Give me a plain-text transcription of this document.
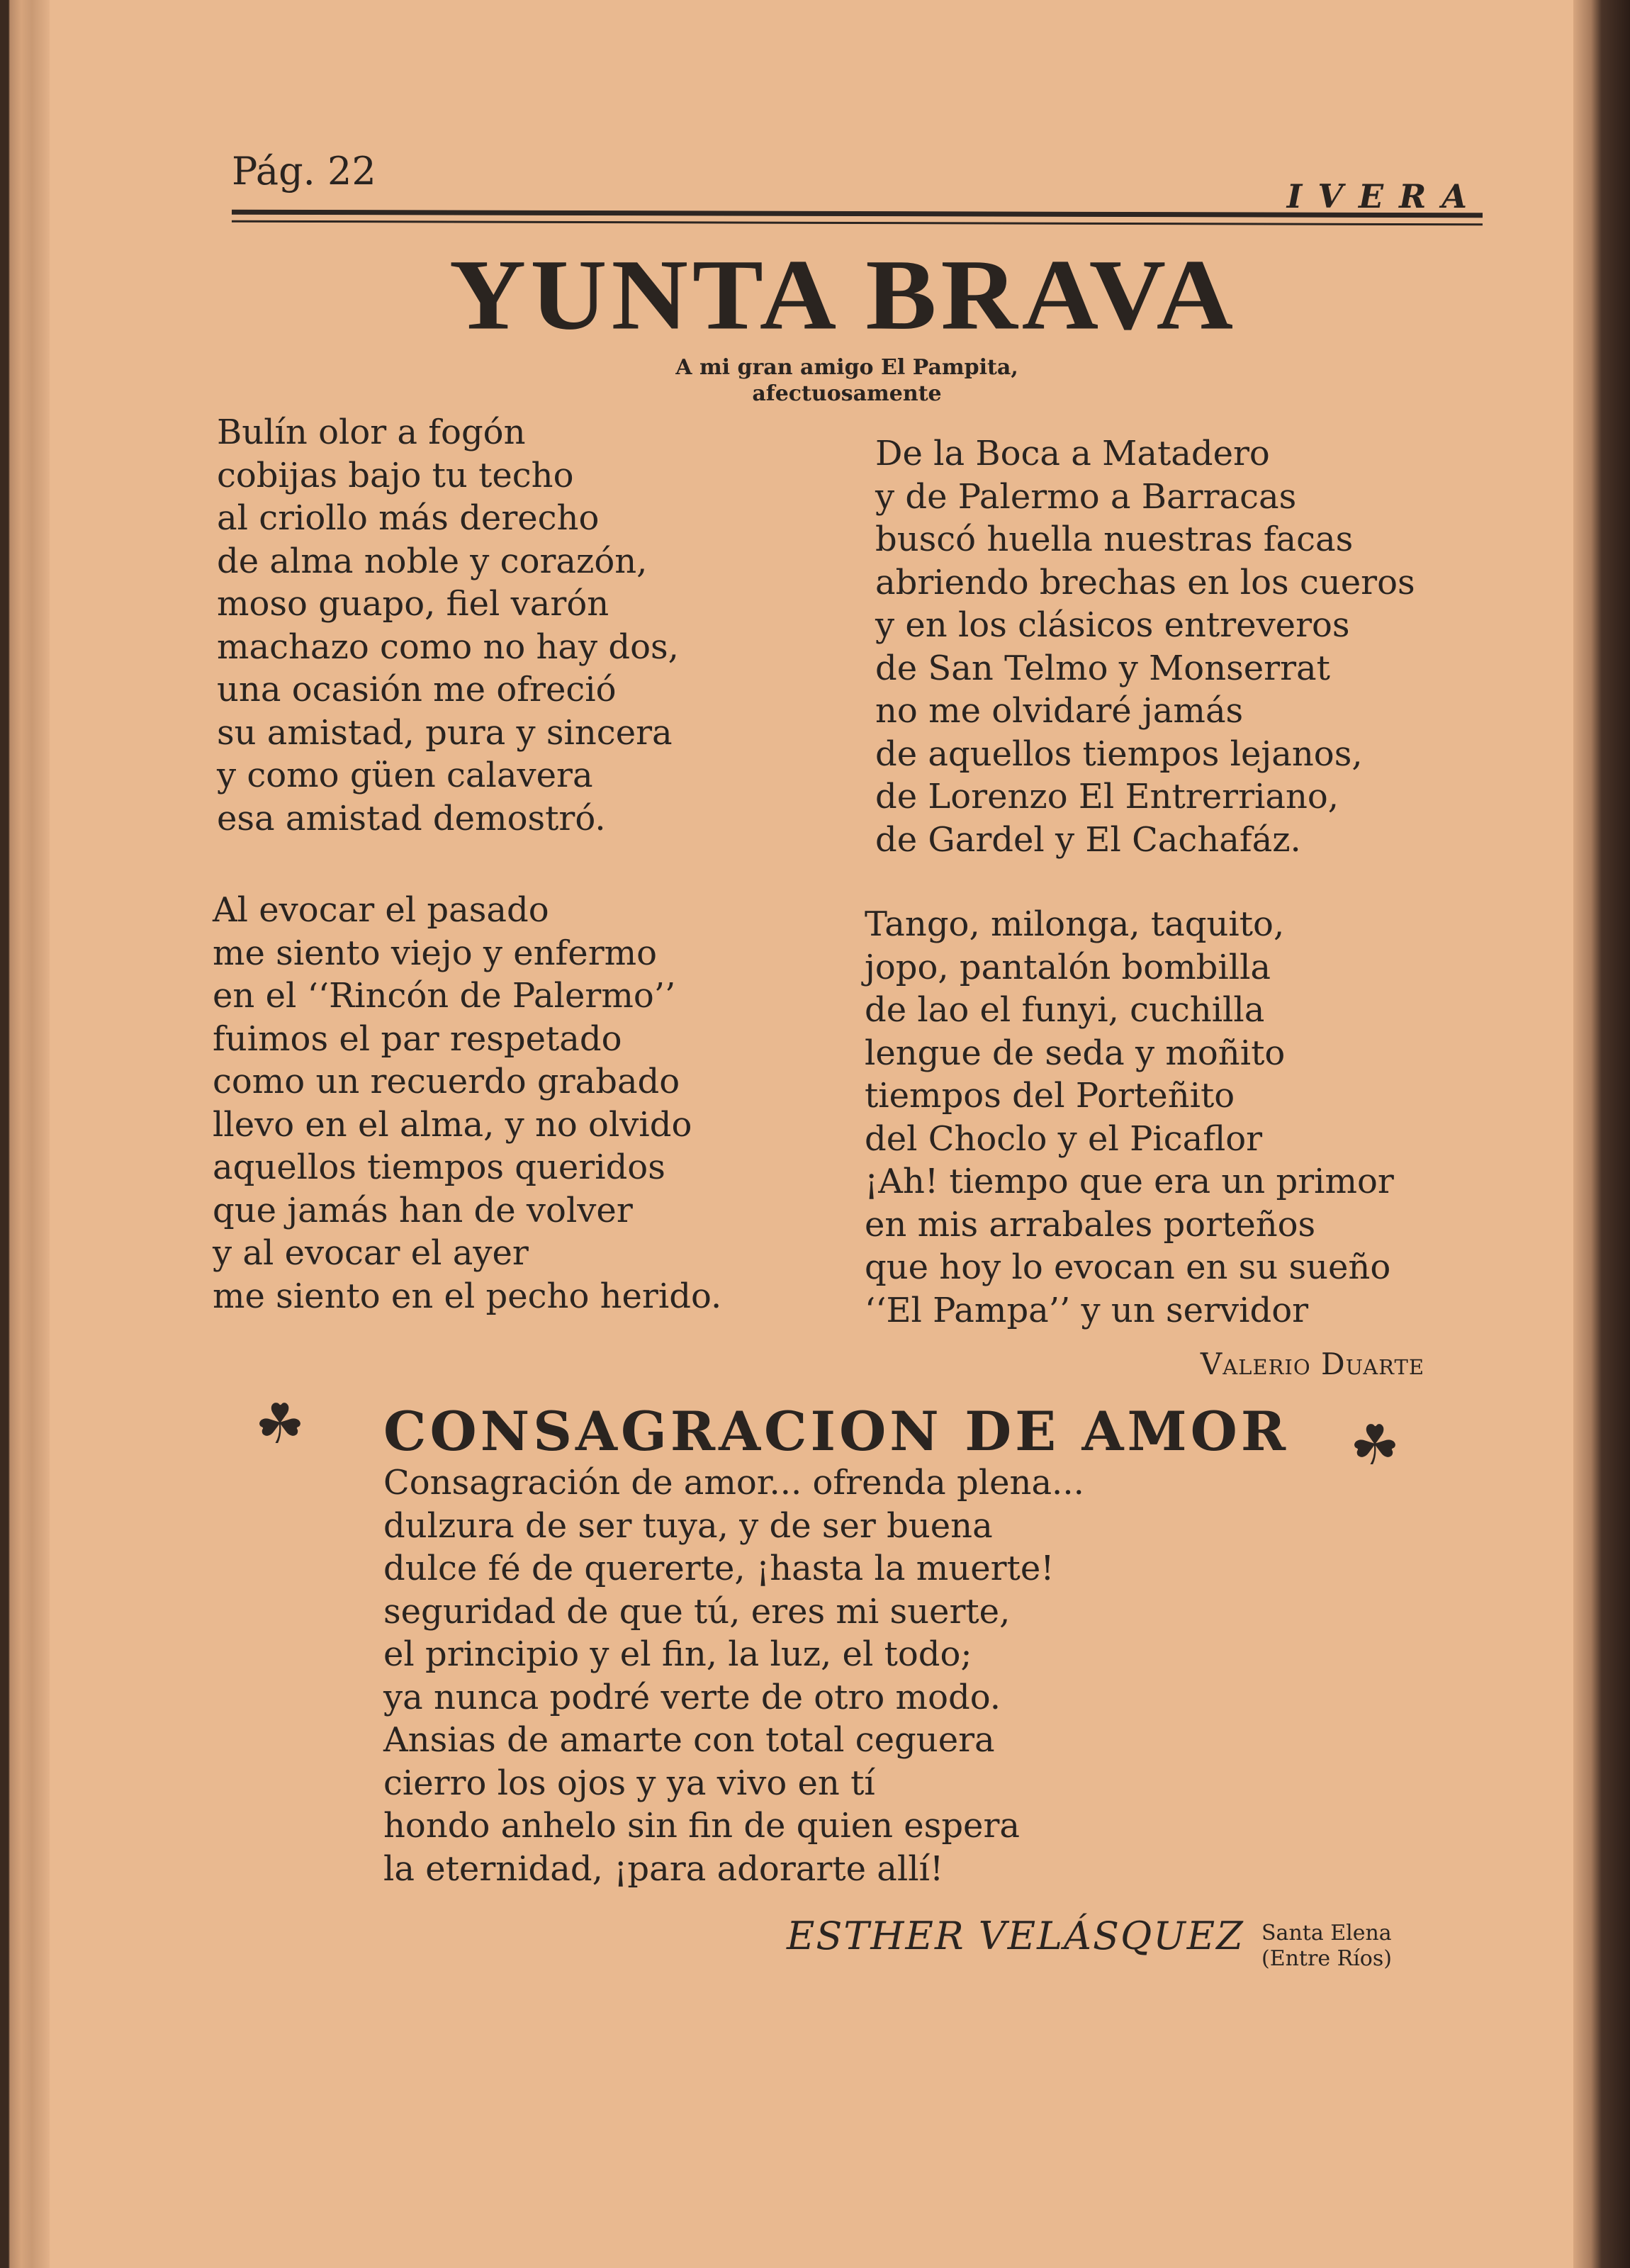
Pág. 22
IVERA
YUNTA BRAVA
A mi gran amigo El Pampita,
afectuosamente
Bulín olor a fogón
cobijas bajo tu techo
al criollo más derecho
de alma noble y corazón,
moso guapo, fiel varón
machazo como no hay dos,
una ocasión me ofreció
su amistad, pura y sincera
y como güen calavera
esa amistad demostró.
Al evocar el pasado
me siento viejo y enfermo
en el ‘‘Rincón de Palermo’’
fuimos el par respetado
como un recuerdo grabado
llevo en el alma, y no olvido
aquellos tiempos queridos
que jamás han de volver
y al evocar el ayer
me siento en el pecho herido.
De la Boca a Matadero
y de Palermo a Barracas
buscó huella nuestras facas
abriendo brechas en los cueros
y en los clásicos entreveros
de San Telmo y Monserrat
no me olvidaré jamás
de aquellos tiempos lejanos,
de Lorenzo El Entrerriano,
de Gardel y El Cachafáz.
Tango, milonga, taquito,
jopo, pantalón bombilla
de lao el funyi, cuchilla
lengue de seda y moñito
tiempos del Porteñito
del Choclo y el Picaflor
¡Ah! tiempo que era un primor
en mis arrabales porteños
que hoy lo evocan en su sueño
‘‘El Pampa’’ y un servidor
Valerio Duarte
☘ CONSAGRACION DE AMOR ☘
Consagración de amor... ofrenda plena...
dulzura de ser tuya, y de ser buena
dulce fé de quererte, ¡hasta la muerte!
seguridad de que tú, eres mi suerte,
el principio y el fin, la luz, el todo;
ya nunca podré verte de otro modo.
Ansias de amarte con total ceguera
cierro los ojos y ya vivo en tí
hondo anhelo sin fin de quien espera
la eternidad, ¡para adorarte allí!
ESTHER VELÁSQUEZ Santa Elena
(Entre Ríos)
